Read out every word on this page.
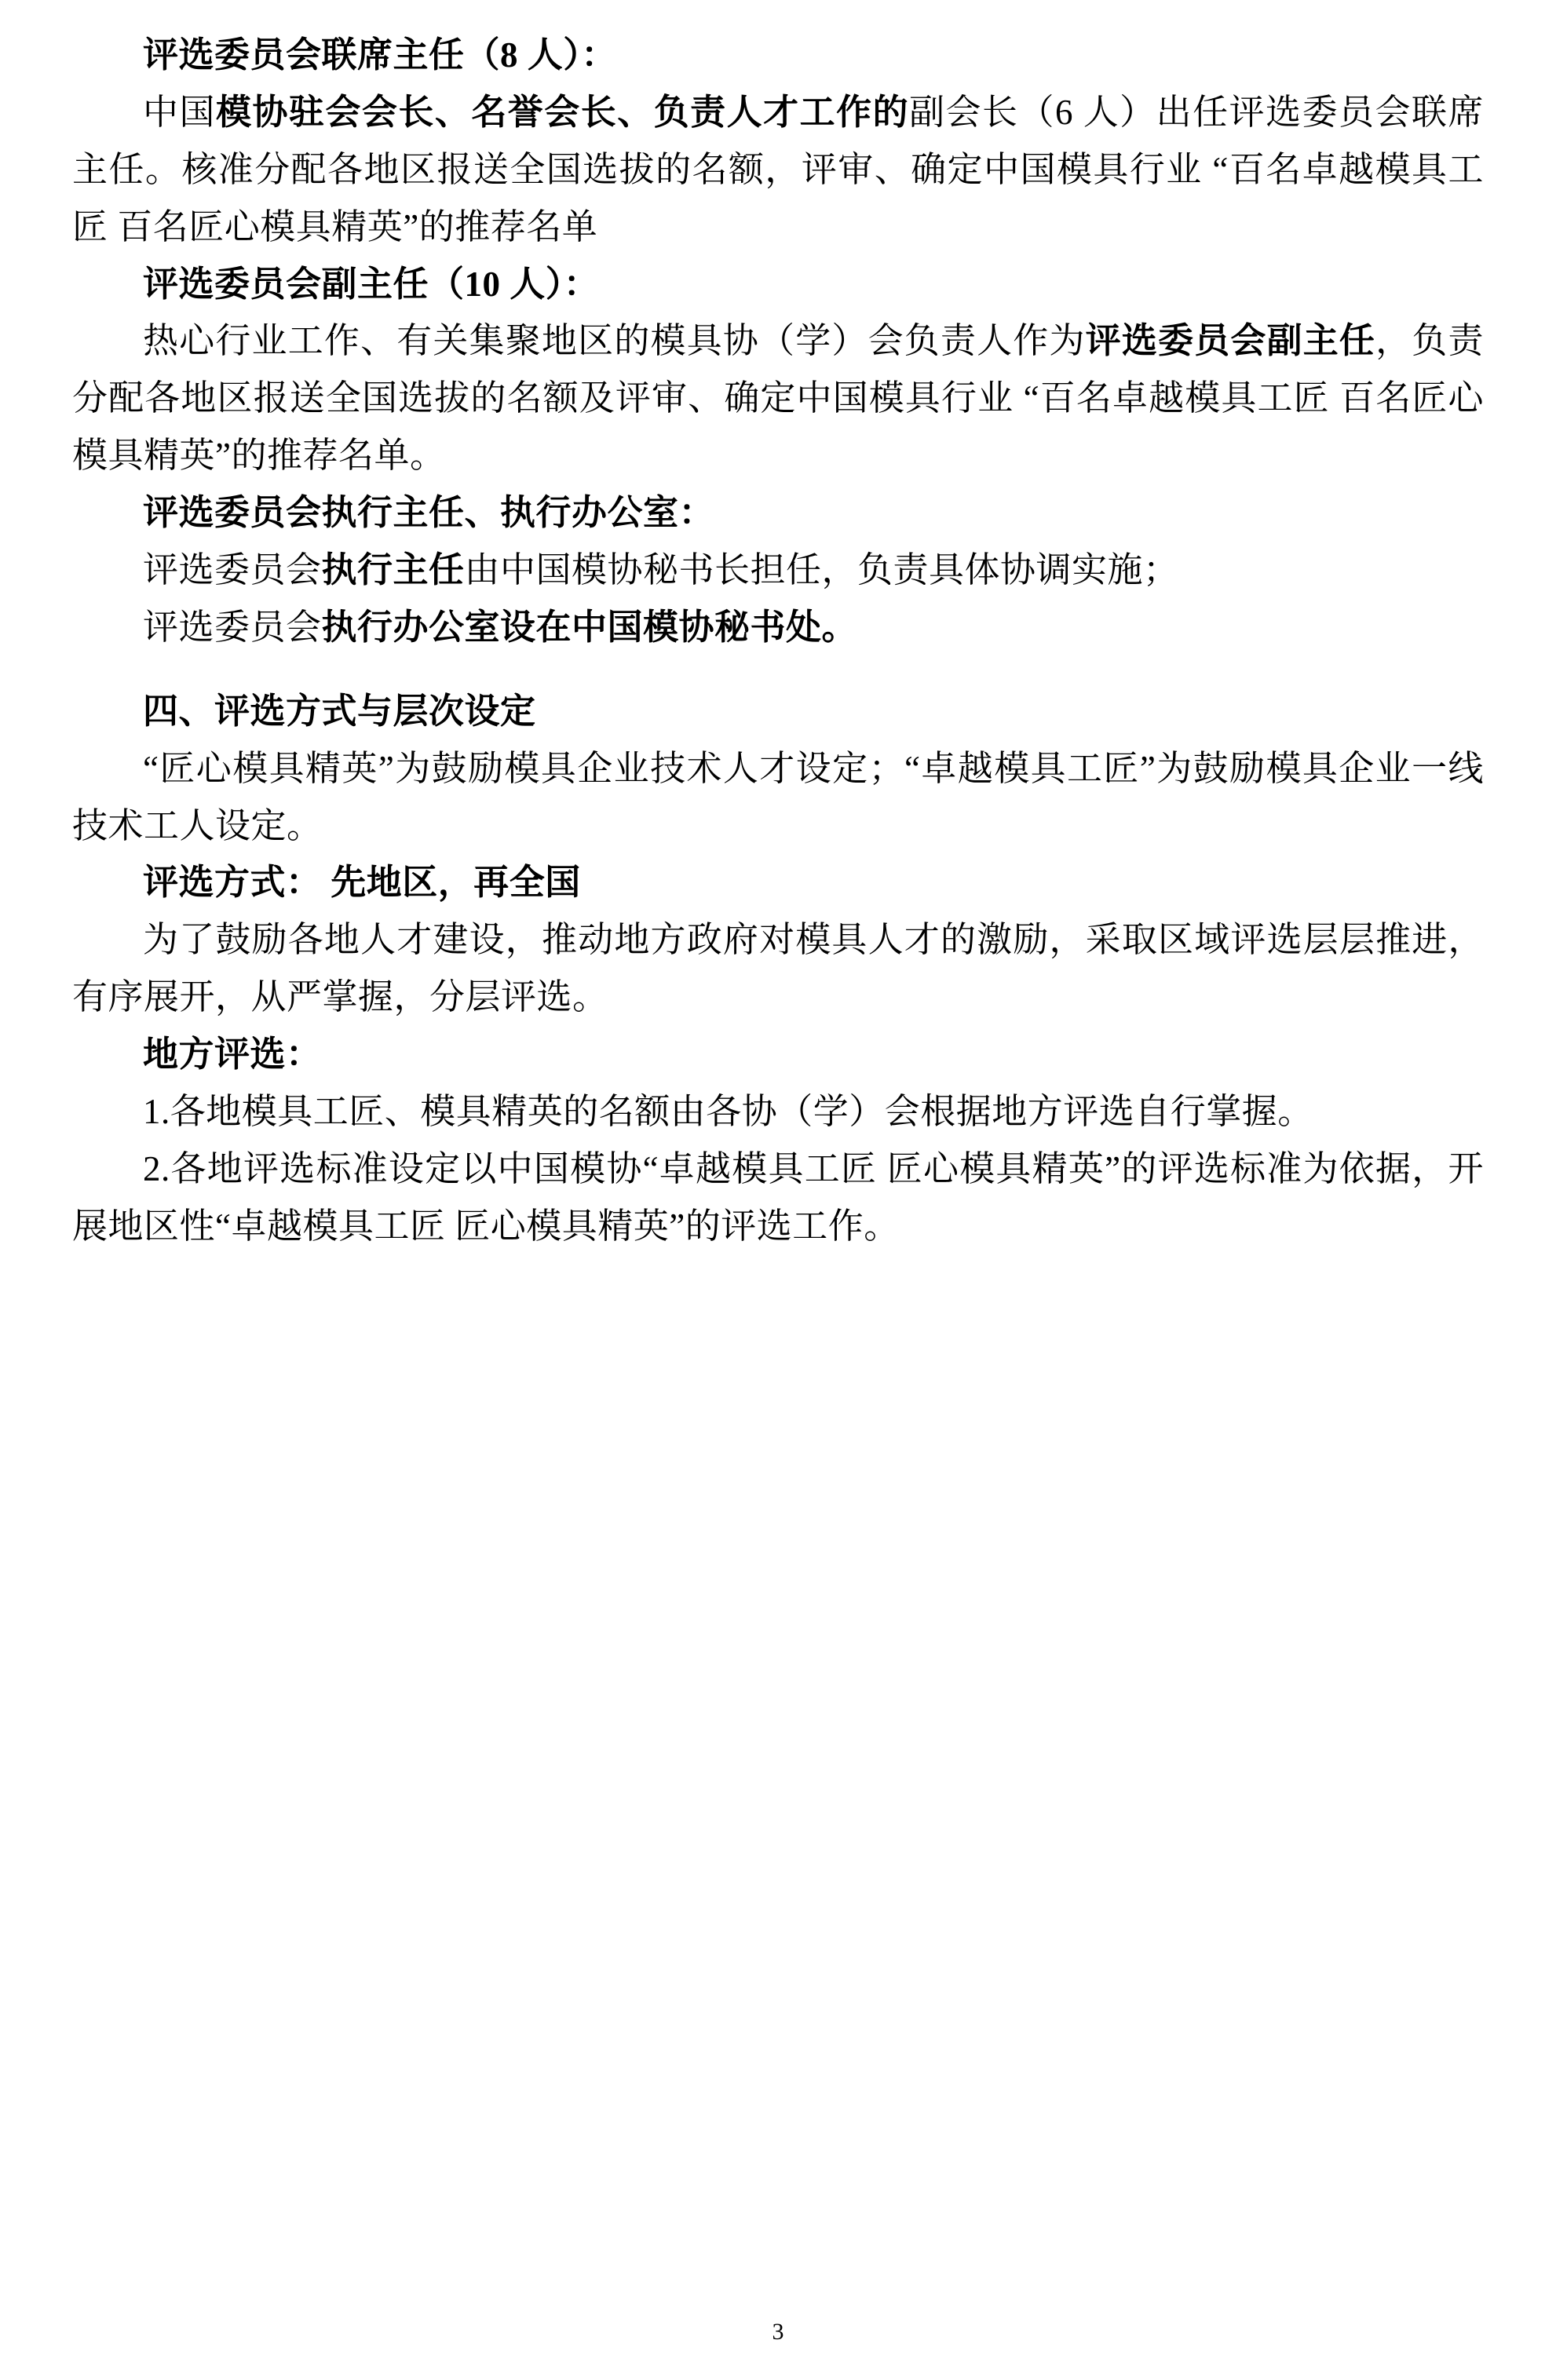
评选委员会联席主任（8 人）：

中国模协驻会会长、名誉会长、负责人才工作的副会长（6 人）出任评选委员会联席主任。核准分配各地区报送全国选拔的名额，评审、确定中国模具行业 “百名卓越模具工匠 百名匠心模具精英”的推荐名单

评选委员会副主任（10 人）：

热心行业工作、有关集聚地区的模具协（学）会负责人作为评选委员会副主任，负责分配各地区报送全国选拔的名额及评审、确定中国模具行业 “百名卓越模具工匠 百名匠心模具精英”的推荐名单。

评选委员会执行主任、执行办公室：

评选委员会执行主任由中国模协秘书长担任，负责具体协调实施；

评选委员会执行办公室设在中国模协秘书处。

四、评选方式与层次设定

“匠心模具精英”为鼓励模具企业技术人才设定；“卓越模具工匠”为鼓励模具企业一线技术工人设定。

评选方式： 先地区，再全国

为了鼓励各地人才建设，推动地方政府对模具人才的激励，采取区域评选层层推进，有序展开，从严掌握，分层评选。

地方评选：

1.各地模具工匠、模具精英的名额由各协（学）会根据地方评选自行掌握。

2.各地评选标准设定以中国模协“卓越模具工匠 匠心模具精英”的评选标准为依据，开展地区性“卓越模具工匠 匠心模具精英”的评选工作。

3
